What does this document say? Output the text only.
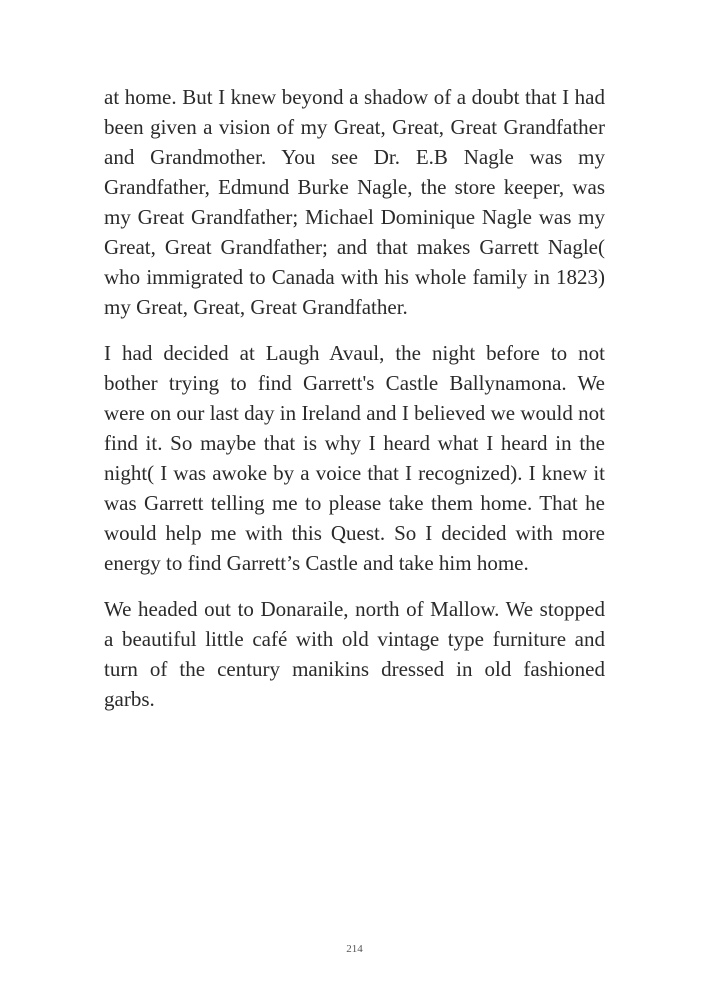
at home. But I knew beyond a shadow of a doubt that I had been given a vision of my Great, Great, Great Grandfather and Grandmother. You see Dr. E.B Nagle was my Grandfather, Edmund Burke Nagle, the store keeper, was my Great Grandfather; Michael Dominique Nagle was my Great, Great Grandfather; and that makes Garrett Nagle( who immigrated to Canada with his whole family in 1823) my Great, Great, Great Grandfather.

I had decided at Laugh Avaul, the night before to not bother trying to find Garrett's Castle Ballynamona. We were on our last day in Ireland and I believed we would not find it. So maybe that is why I heard what I heard in the night( I was awoke by a voice that I recognized). I knew it was Garrett telling me to please take them home. That he would help me with this Quest. So I decided with more energy to find Garrett’s Castle and take him home.

We headed out to Donaraile, north of Mallow. We stopped a beautiful little café with old vintage type furniture and turn of the century manikins dressed in old fashioned garbs.

214
